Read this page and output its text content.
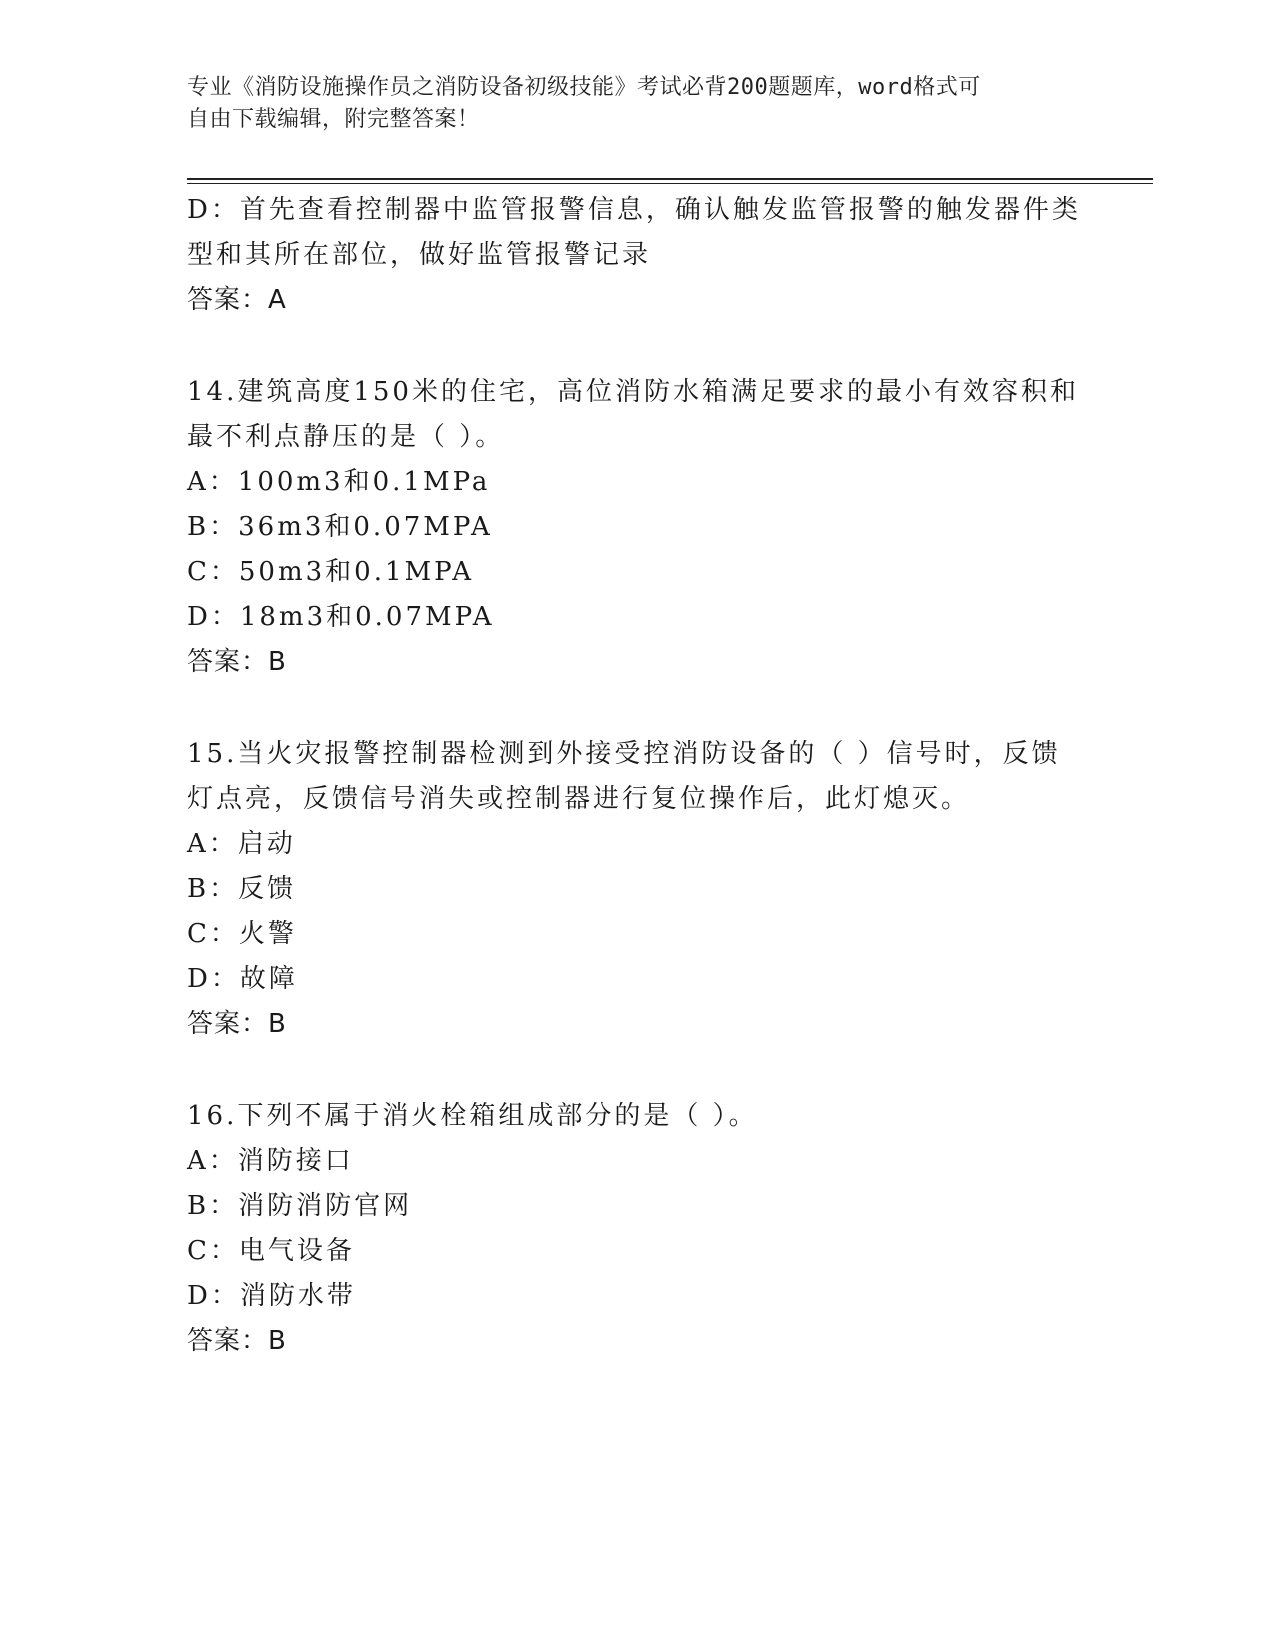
专业《消防设施操作员之消防设备初级技能》考试必背200题题库，word格式可
自由下载编辑，附完整答案！
D：首先查看控制器中监管报警信息，确认触发监管报警的触发器件类
型和其所在部位，做好监管报警记录
答案：A
14.建筑高度150米的住宅，高位消防水箱满足要求的最小有效容积和
最不利点静压的是（ ）。
A：100m3和0.1MPa
B：36m3和0.07MPA
C：50m3和0.1MPA
D：18m3和0.07MPA
答案：B
15.当火灾报警控制器检测到外接受控消防设备的（ ）信号时，反馈
灯点亮，反馈信号消失或控制器进行复位操作后，此灯熄灭。
A：启动
B：反馈
C：火警
D：故障
答案：B
16.下列不属于消火栓箱组成部分的是（ ）。
A：消防接口
B：消防消防官网
C：电气设备
D：消防水带
答案：B
